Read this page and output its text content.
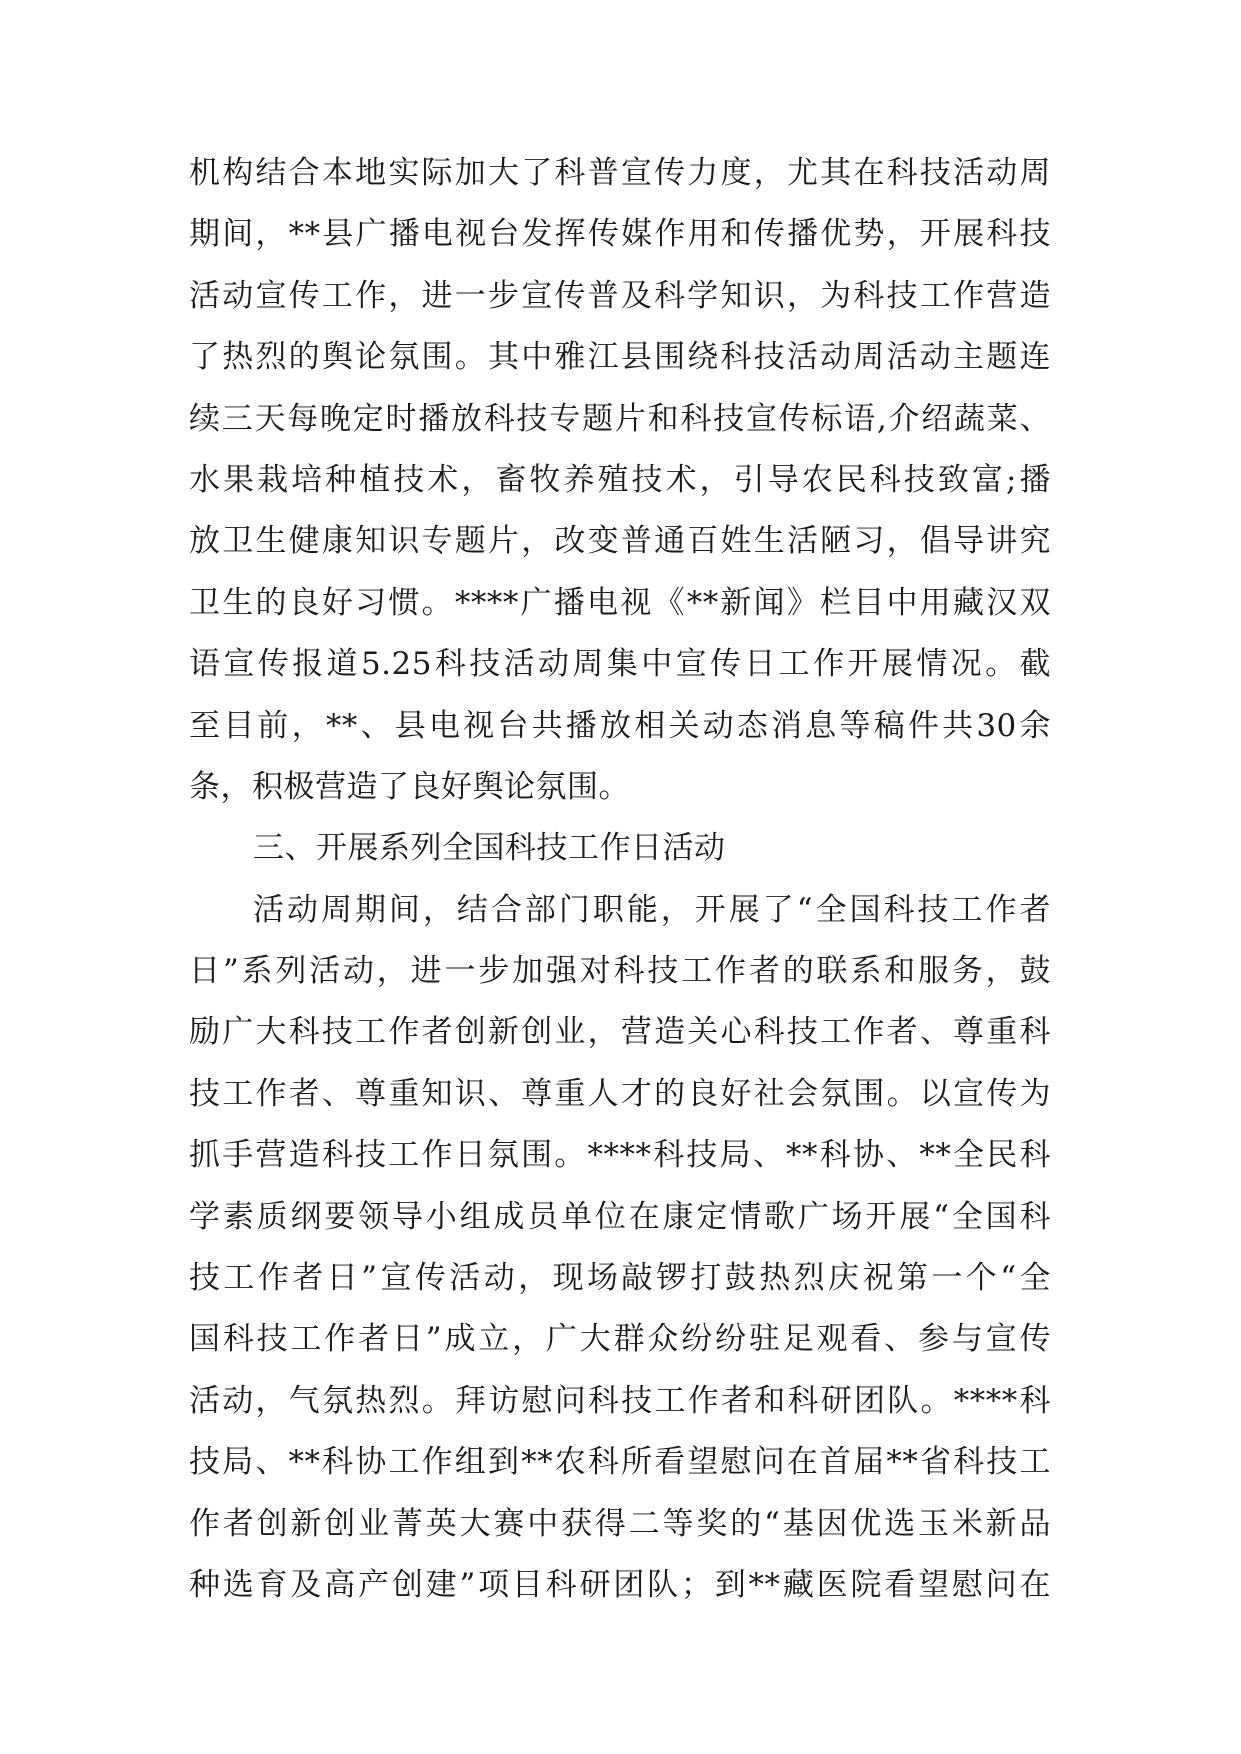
机构结合本地实际加大了科普宣传力度，尤其在科技活动周
期间，**县广播电视台发挥传媒作用和传播优势，开展科技
活动宣传工作，进一步宣传普及科学知识，为科技工作营造
了热烈的舆论氛围。其中雅江县围绕科技活动周活动主题连
续三天每晚定时播放科技专题片和科技宣传标语,介绍蔬菜、
水果栽培种植技术，畜牧养殖技术，引导农民科技致富;播
放卫生健康知识专题片，改变普通百姓生活陋习，倡导讲究
卫生的良好习惯。****广播电视《**新闻》栏目中用藏汉双
语宣传报道5.25科技活动周集中宣传日工作开展情况。截
至目前，**、县电视台共播放相关动态消息等稿件共30余
条，积极营造了良好舆论氛围。
三、开展系列全国科技工作日活动
活动周期间，结合部门职能，开展了“全国科技工作者
日”系列活动，进一步加强对科技工作者的联系和服务，鼓
励广大科技工作者创新创业，营造关心科技工作者、尊重科
技工作者、尊重知识、尊重人才的良好社会氛围。以宣传为
抓手营造科技工作日氛围。****科技局、**科协、**全民科
学素质纲要领导小组成员单位在康定情歌广场开展“全国科
技工作者日”宣传活动，现场敲锣打鼓热烈庆祝第一个“全
国科技工作者日”成立，广大群众纷纷驻足观看、参与宣传
活动，气氛热烈。拜访慰问科技工作者和科研团队。****科
技局、**科协工作组到**农科所看望慰问在首届**省科技工
作者创新创业菁英大赛中获得二等奖的“基因优选玉米新品
种选育及高产创建”项目科研团队；到**藏医院看望慰问在
